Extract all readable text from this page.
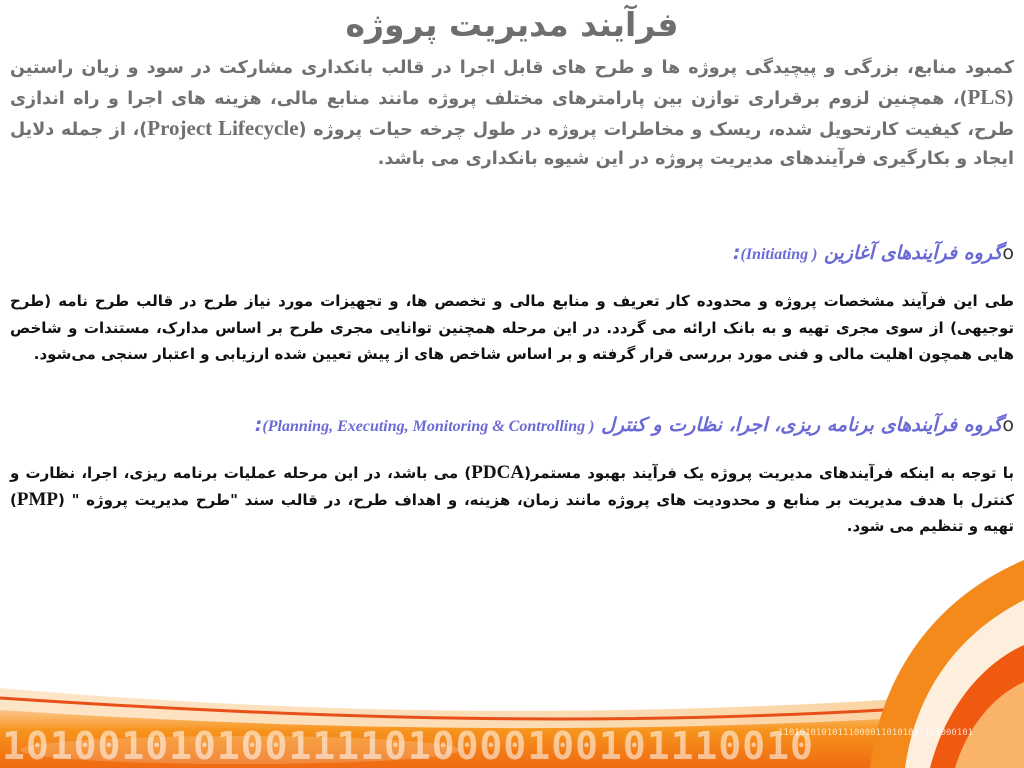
1010010101001111010000100101110010
110101010101110000110101011101000101
فرآیند مدیریت پروژه
کمبود منابع، بزرگی و پیچیدگی پروژه ها و طرح های قابل اجرا در قالب بانکداری مشارکت در سود و زیان راستین (PLS)، همچنین لزوم برقراری توازن بین پارامترهای مختلف پروژه مانند منابع مالی، هزینه های اجرا و راه اندازی طرح، کیفیت کارتحویل شده، ریسک و مخاطرات پروژه در طول چرخه حیات پروژه (Project Lifecycle)، از جمله دلایل ایجاد و بکارگیری فرآیندهای مدیریت پروژه در این شیوه بانکداری می باشد.
oگروه فرآیندهای آغازین ( Initiating):
طی این فرآیند مشخصات پروژه و محدوده کار تعریف و منابع مالی و تخصص ها، و تجهیزات مورد نیاز طرح در قالب طرح نامه (طرح توجیهی) از سوی مجری تهیه و به بانک ارائه می گردد. در این مرحله همچنین توانایی مجری طرح بر اساس مدارک، مستندات و شاخص هایی همچون اهلیت مالی و فنی مورد بررسی قرار گرفته و بر اساس شاخص های از پیش تعیین شده ارزیابی و اعتبار سنجی می‌شود.
oگروه فرآیندهای برنامه ریزی، اجرا، نظارت و کنترل ( Planning, Executing, Monitoring & Controlling):
با توجه به اینکه فرآیندهای مدیریت پروژه یک فرآیند بهبود مستمر(PDCA) می باشد، در این مرحله عملیات برنامه ریزی، اجرا، نظارت و کنترل با هدف مدیریت بر منابع و محدودیت های پروژه مانند زمان، هزینه، و اهداف طرح، در قالب سند "طرح مدیریت پروژه " (PMP) تهیه و تنظیم می شود.
